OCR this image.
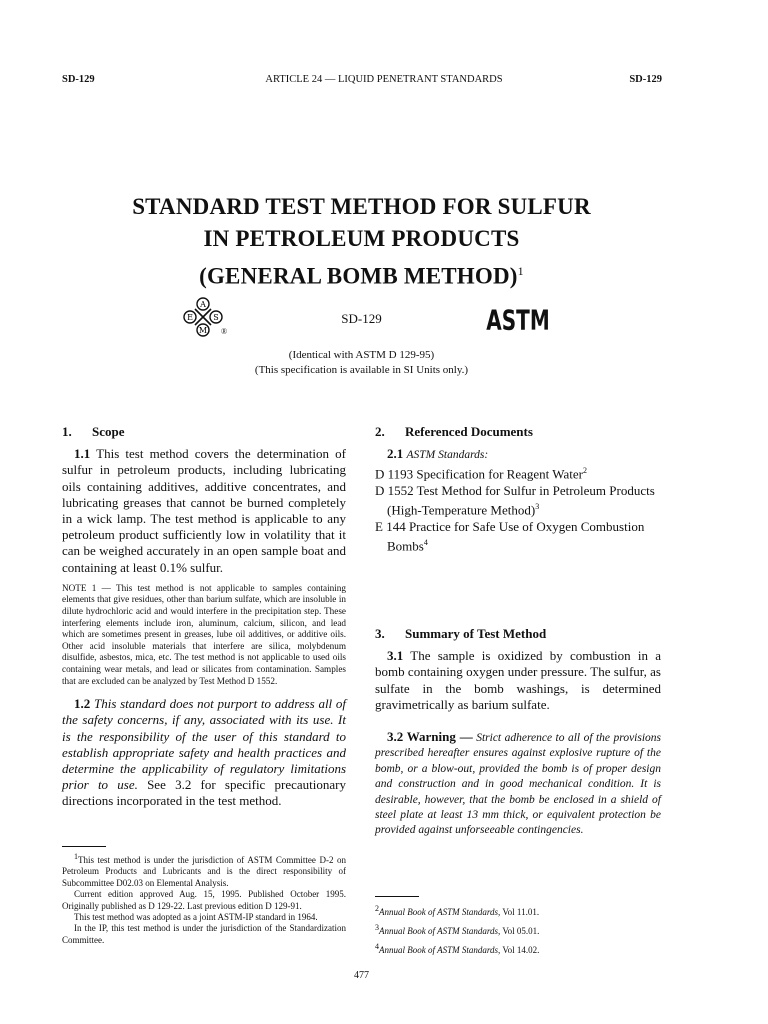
SD-129	ARTICLE 24 — LIQUID PENETRANT STANDARDS	SD-129
STANDARD TEST METHOD FOR SULFUR
IN PETROLEUM PRODUCTS
(GENERAL BOMB METHOD)$^1$
A
E	S
M ®
SD-129	ASTM
(Identical with ASTM D 129-95)
(This specification is available in SI Units only.)
1. Scope

1.1 This test method covers the determination of sulfur in petroleum products, including lubricating oils containing additives, additive concentrates, and lubricating greases that cannot be burned completely in a wick lamp. The test method is applicable to any petroleum product sufficiently low in volatility that it can be weighed accurately in an open sample boat and containing at least 0.1% sulfur.

NOTE 1 — This test method is not applicable to samples containing elements that give residues, other than barium sulfate, which are insoluble in dilute hydrochloric acid and would interfere in the precipitation step. These interfering elements include iron, aluminum, calcium, silicon, and lead which are sometimes present in greases, lube oil additives, or additive oils. Other acid insoluble materials that interfere are silica, molybdenum disulfide, asbestos, mica, etc. The test method is not applicable to used oils containing wear metals, and lead or silicates from contamination. Samples that are excluded can be analyzed by Test Method D 1552.

1.2 This standard does not purport to address all of the safety concerns, if any, associated with its use. It is the responsibility of the user of this standard to establish appropriate safety and health practices and determine the applicability of regulatory limitations prior to use. See 3.2 for specific precautionary directions incorporated in the test method.

$^1$This test method is under the jurisdiction of ASTM Committee D-2 on Petroleum Products and Lubricants and is the direct responsibility of Subcommittee D02.03 on Elemental Analysis.

Current edition approved Aug. 15, 1995. Published October 1995. Originally published as D 129-22. Last previous edition D 129-91.

This test method was adopted as a joint ASTM-IP standard in 1964.

In the IP, this test method is under the jurisdiction of the Standardization Committee.

2. Referenced Documents

2.1 ASTM Standards:

D 1193 Specification for Reagent Water$^2$

D 1552 Test Method for Sulfur in Petroleum Products (High-Temperature Method)$^3$

E 144 Practice for Safe Use of Oxygen Combustion Bombs$^4$

3. Summary of Test Method

3.1 The sample is oxidized by combustion in a bomb containing oxygen under pressure. The sulfur, as sulfate in the bomb washings, is determined gravimetrically as barium sulfate.

3.2 Warning — Strict adherence to all of the provisions prescribed hereafter ensures against explosive rupture of the bomb, or a blow-out, provided the bomb is of proper design and construction and in good mechanical condition. It is desirable, however, that the bomb be enclosed in a shield of steel plate at least 13 mm thick, or equivalent protection be provided against unforseeable contingencies.

$^2$Annual Book of ASTM Standards, Vol 11.01.
$^3$Annual Book of ASTM Standards, Vol 05.01.
$^4$Annual Book of ASTM Standards, Vol 14.02.
477
